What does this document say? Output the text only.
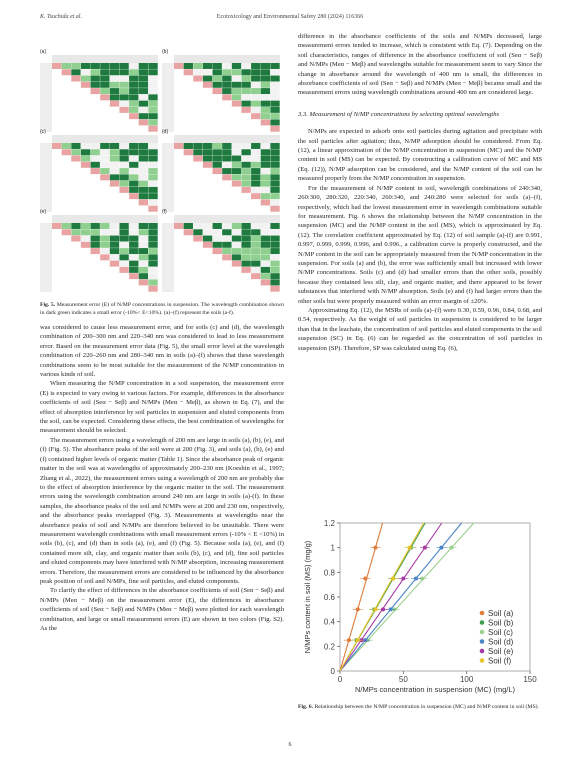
K. Tsuchida et al.	Ecotoxicology and Environmental Safety 280 (2024) 116366
(a)	(b)
(c)	(d)
(e)	(f)
Fig. 5. Measurement error (E) of N/MP concentrations in suspension. The wavelength combination shown in dark green indicates a small error (-10%< E<10%). (a)–(f) represent the soils (a-f).

was considered to cause less measurement error, and for soils (c) and (d), the wavelength combination of 200–300 nm and 220–340 nm was considered to lead to less measurement error. Based on the measurement error data (Fig. 5), the small error level at the wavelength combination of 220–260 nm and 280–340 nm in soils (a)–(f) shows that these wavelength combinations seem to be most suitable for the measurement of the N/MP concentration in various kinds of soil.

When measuring the N/MP concentration in a soil suspension, the measurement error (E) is expected to vary owing to various factors. For example, differences in the absorbance coefficients of soil (Seα − Seβ) and N/MPs (Meα − Meβ), as shown in Eq. (7), and the effect of absorption interference by soil particles in suspension and eluted components from the soil, can be expected. Considering these effects, the best combination of wavelengths for measurement should be selected.

The measurement errors using a wavelength of 200 nm are large in soils (a), (b), (e), and (f) (Fig. 5). The absorbance peaks of the soil were at 200 (Fig. 3), and soils (a), (b), (e) and (f) contained higher levels of organic matter (Table 1). Since the absorbance peak of organic matter in the soil was at wavelengths of approximately 200–230 nm (Koeshin et al., 1997; Zhang et al., 2022), the measurement errors using a wavelength of 200 nm are probably due to the effect of absorption interference by the organic matter in the soil. The measurement errors using the wavelength combination around 240 nm are large in soils (a)-(f). In these samples, the absorbance peaks of the soil and N/MPs were at 200 and 230 nm, respectively, and the absorbance peaks overlapped (Fig. 3). Measurements at wavelengths near the absorbance peaks of soil and N/MPs are therefore believed to be unsuitable. There were measurement wavelength combinations with small measurement errors (-10% < E <10%) in soils (b), (c), and (d) than in soils (a), (e), and (f) (Fig. 5). Because soils (a), (e), and (f) contained more silt, clay, and organic matter than soils (b), (c), and (d), fine soil particles and eluted components may have interfered with N/MP absorption, increasing measurement errors. Therefore, the measurement errors are considered to be influenced by the absorbance peak position of soil and N/MPs, fine soil particles, and eluted components.

To clarify the effect of differences in the absorbance coefficients of soil (Seα − Seβ) and N/MPs (Meα − Meβ) on the measurement error (E), the differences in absorbance coefficients of soil (Seα − Seβ) and N/MPs (Meα − Meβ) were plotted for each wavelength combination, and large or small measurement errors (E) are shown in two colors (Fig. S2). As the

difference in the absorbance coefficients of the soils and N/MPs decreased, large measurement errors tended to increase, which is consistent with Eq. (7). Depending on the soil characteristics, ranges of difference in the absorbance coefficient of soil (Seα − Seβ) and N/MPs (Meα − Meβ) and wavelengths suitable for measurement seem to vary Since the change in absorbance around the wavelength of 400 nm is small, the differences in absorbance coefficients of soil (Seα − Seβ) and N/MPs (Meα − Meβ) became small and the measurement errors using wavelength combinations around 400 nm are considered large.

3.3. Measurement of N/MP concentrations by selecting optimal wavelengths

N/MPs are expected to adsorb onto soil particles during agitation and precipitate with the soil particles after agitation; thus, N/MP adsorption should be considered. From Eq. (12), a linear approximation of the N/MP concentration in suspension (MC) and the N/MP content in soil (MS) can be expected. By constructing a calibration curve of MC and MS (Eq. (12)), N/MP adsorption can be considered, and the N/MP content of the soil can be measured properly from the N/MP concentration in suspension.

For the measurement of N/MP content in soil, wavelength combinations of 240:340, 260:300, 280:320, 220:340, 260:340, and 240:280 were selected for soils (a)–(f), respectively, which had the lowest measurement error in wavelength combinations suitable for measurement. Fig. 6 shows the relationship between the N/MP concentration in the suspension (MC) and the N/MP content in the soil (MS), which is approximated by Eq. (12). The correlation coefficient approximated by Eq. (12) of soil sample (a)-(f) are 0.991, 0.997, 0.999, 0.999, 0.996, and 0.996., a calibration curve is properly constructed, and the N/MP content in the soil can be appropriately measured from the N/MP concentration in the suspension. For soils (a) and (b), the error was sufficiently small but increased with lower N/MP concentrations. Soils (c) and (d) had smaller errors than the other soils, possibly because they contained less silt, clay, and organic matter, and there appeared to be fewer substances that interfered with N/MP absorption. Soils (e) and (f) had larger errors than the other soils but were properly measured within an error margin of ±20%.

Approximating Eq. (12), the MSRs of soils (a)–(f) were 0.30, 0.59, 0.96, 0.84, 0.68, and 0.54, respectively. As the weight of soil particles in suspension is considered to be larger than that in the leachate, the concentration of soil particles and eluted components in the soil suspension (SC) in Eq. (6) can be regarded as the concentration of soil particles in suspension (SP). Therefore, SP was calculated using Eq. (6),

0
0.2
0.4
0.6
0.8
1
1.2
0	50	100	150
N/MPs concentration in suspension (MC) (mg/L)
N/MPs content in soil (MS) (mg/g)	Soil (a)
Soil (b)
Soil (c)
Soil (d)
Soil (e)
Soil (f)
Fig. 6. Relationship between the N/MP concentration in suspension (MC) and N/MP content in soil (MS).
6
